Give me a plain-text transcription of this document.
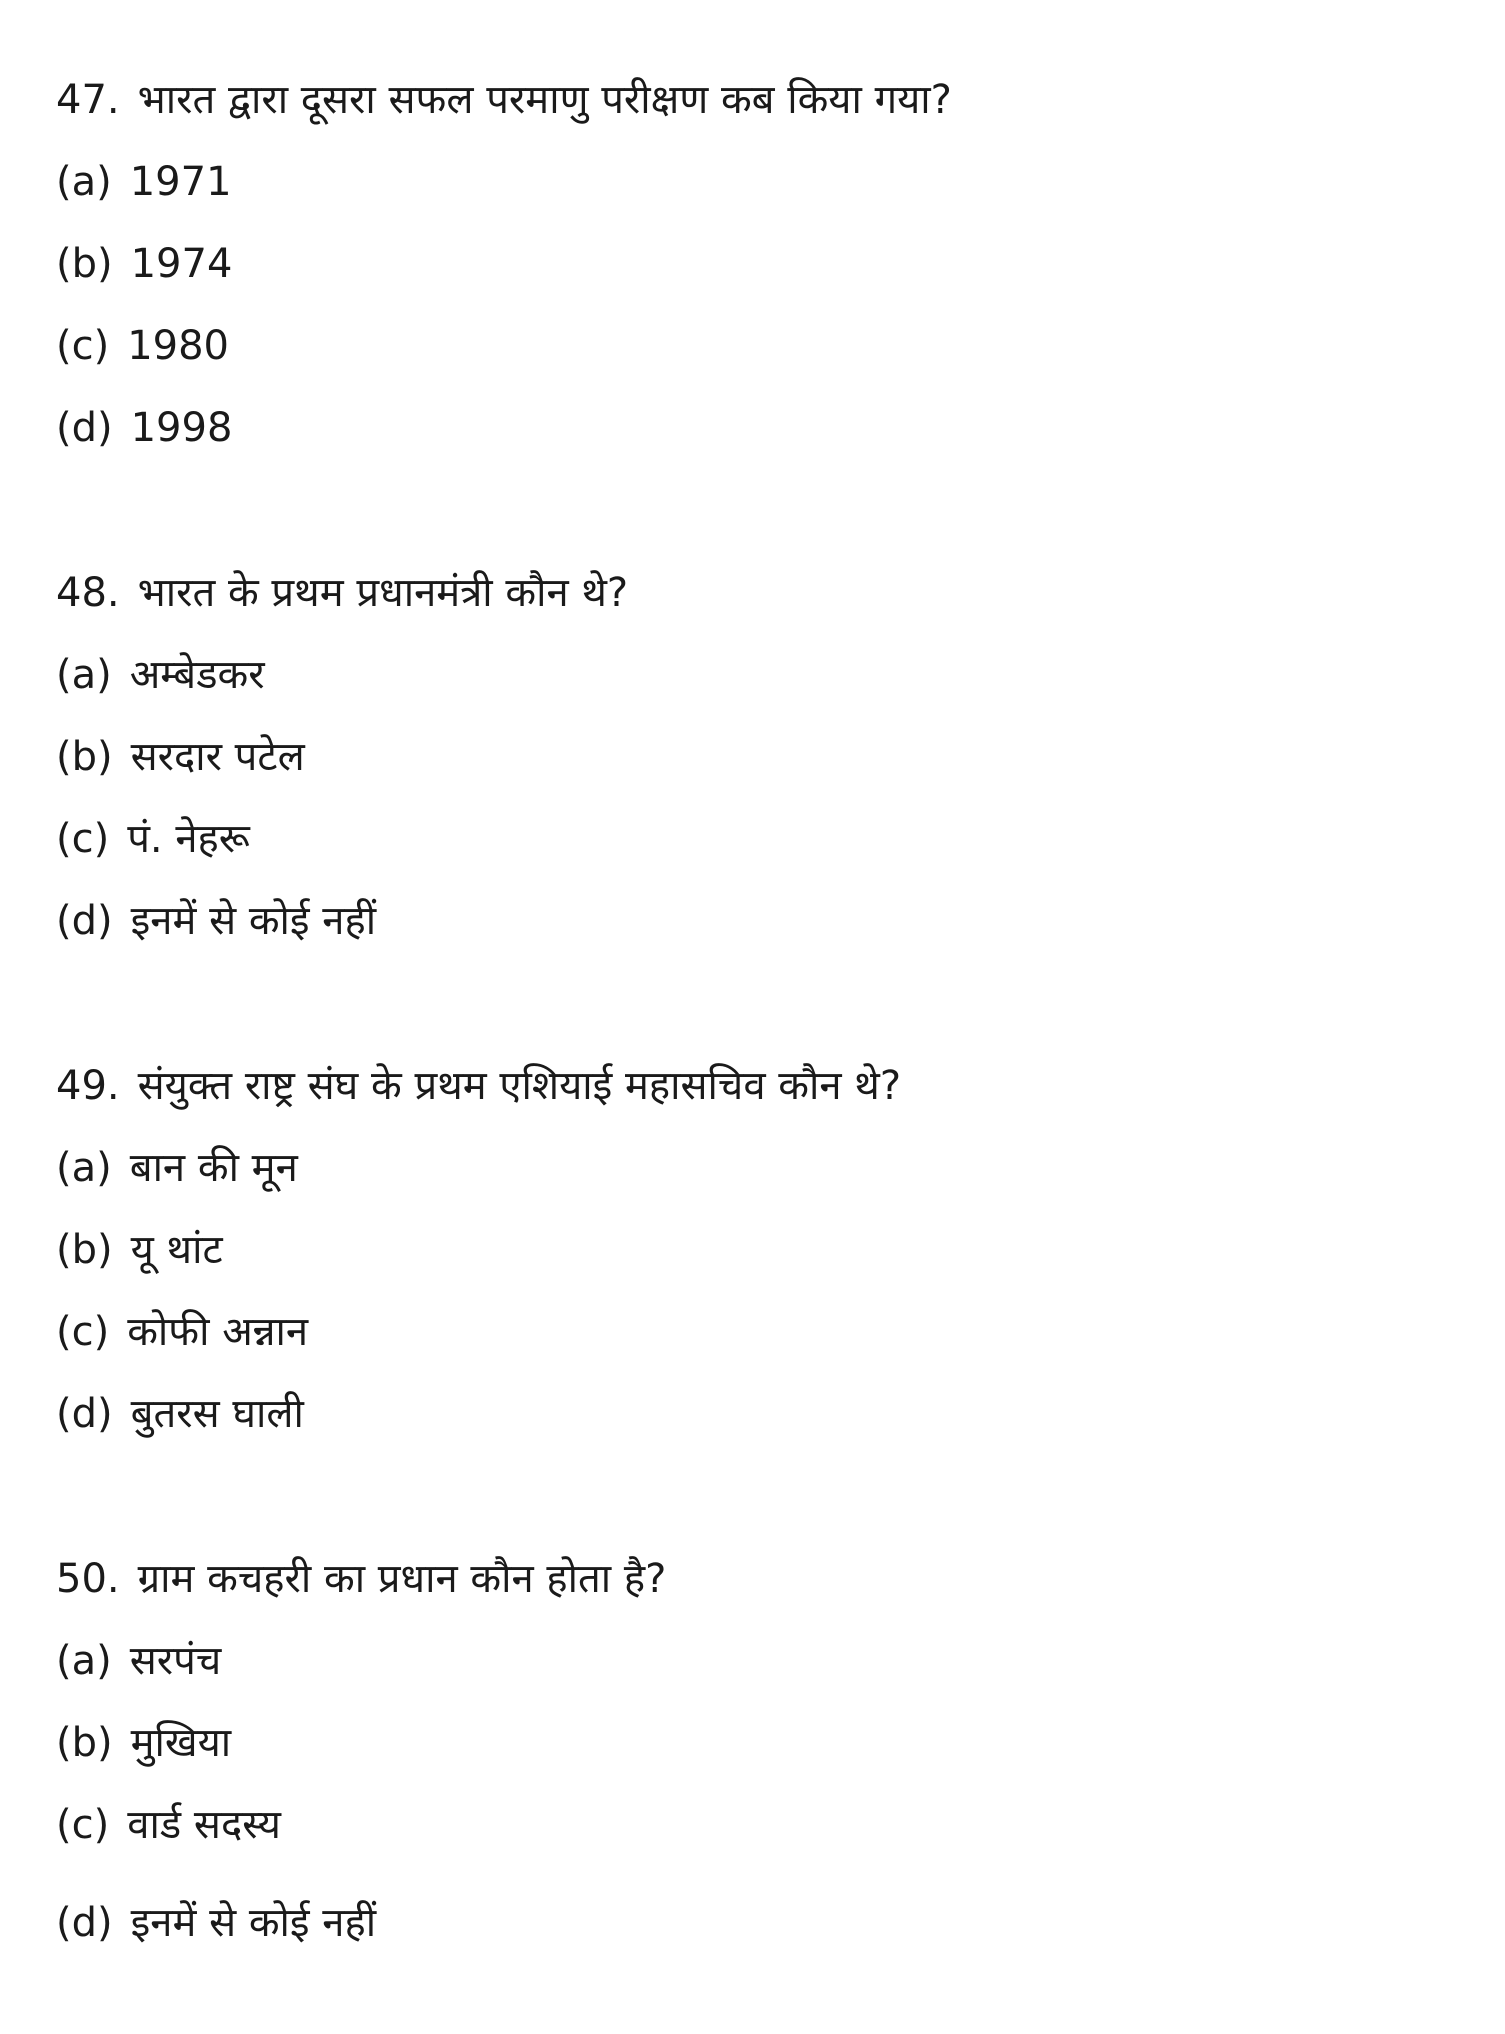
47. भारत द्वारा दूसरा सफल परमाणु परीक्षण कब किया गया?
(a) 1971
(b) 1974
(c) 1980
(d) 1998
48. भारत के प्रथम प्रधानमंत्री कौन थे?
(a) अम्बेडकर
(b) सरदार पटेल
(c) पं. नेहरू
(d) इनमें से कोई नहीं
49. संयुक्त राष्ट्र संघ के प्रथम एशियाई महासचिव कौन थे?
(a) बान की मून
(b) यू थांट
(c) कोफी अन्नान
(d) बुतरस घाली
50. ग्राम कचहरी का प्रधान कौन होता है?
(a) सरपंच
(b) मुखिया
(c) वार्ड सदस्य
(d) इनमें से कोई नहीं
